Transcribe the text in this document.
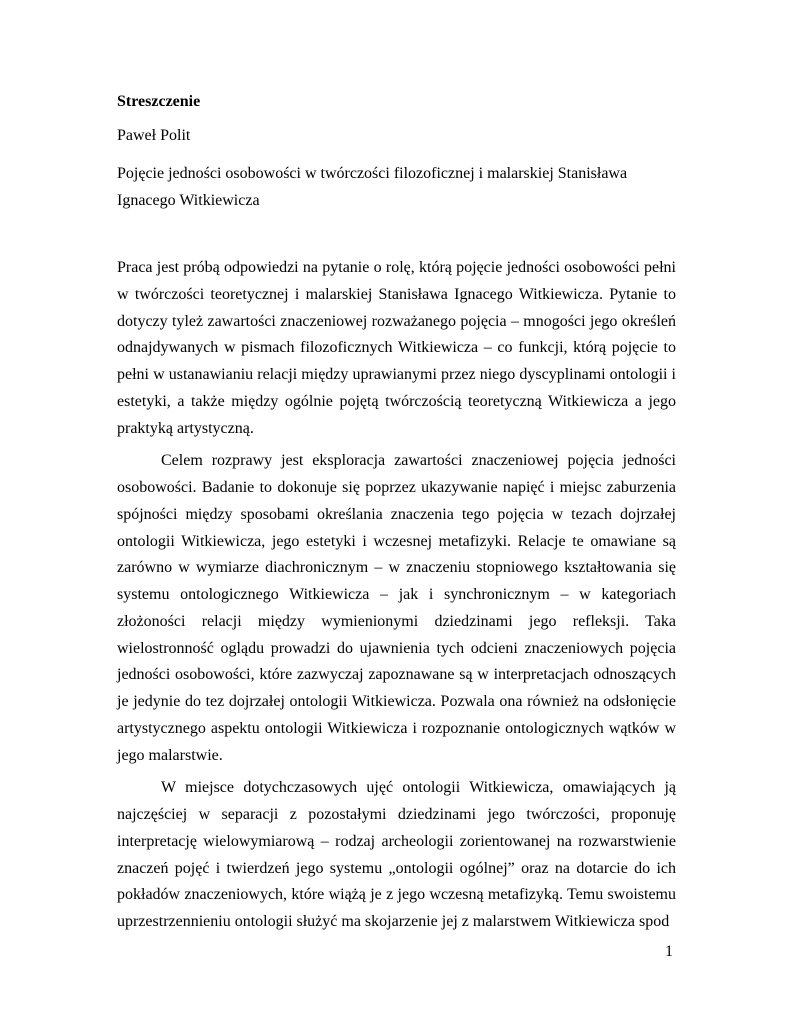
Streszczenie
Paweł Polit
Pojęcie jedności osobowości w twórczości filozoficznej i malarskiej Stanisława Ignacego Witkiewicza

Praca jest próbą odpowiedzi na pytanie o rolę, którą pojęcie jedności osobowości pełni w twórczości teoretycznej i malarskiej Stanisława Ignacego Witkiewicza. Pytanie to dotyczy tyleż zawartości znaczeniowej rozważanego pojęcia – mnogości jego określeń odnajdywanych w pismach filozoficznych Witkiewicza – co funkcji, którą pojęcie to pełni w ustanawianiu relacji między uprawianymi przez niego dyscyplinami ontologii i estetyki, a także między ogólnie pojętą twórczością teoretyczną Witkiewicza a jego praktyką artystyczną.

Celem rozprawy jest eksploracja zawartości znaczeniowej pojęcia jedności osobowości. Badanie to dokonuje się poprzez ukazywanie napięć i miejsc zaburzenia spójności między sposobami określania znaczenia tego pojęcia w tezach dojrzałej ontologii Witkiewicza, jego estetyki i wczesnej metafizyki. Relacje te omawiane są zarówno w wymiarze diachronicznym – w znaczeniu stopniowego kształtowania się systemu ontologicznego Witkiewicza – jak i synchronicznym – w kategoriach złożoności relacji między wymienionymi dziedzinami jego refleksji. Taka wielostronność oglądu prowadzi do ujawnienia tych odcieni znaczeniowych pojęcia jedności osobowości, które zazwyczaj zapoznawane są w interpretacjach odnoszących je jedynie do tez dojrzałej ontologii Witkiewicza. Pozwala ona również na odsłonięcie artystycznego aspektu ontologii Witkiewicza i rozpoznanie ontologicznych wątków w jego malarstwie.

W miejsce dotychczasowych ujęć ontologii Witkiewicza, omawiających ją najczęściej w separacji z pozostałymi dziedzinami jego twórczości, proponuję interpretację wielowymiarową – rodzaj archeologii zorientowanej na rozwarstwienie znaczeń pojęć i twierdzeń jego systemu „ontologii ogólnej” oraz na dotarcie do ich pokładów znaczeniowych, które wiążą je z jego wczesną metafizyką. Temu swoistemu uprzestrzennieniu ontologii służyć ma skojarzenie jej z malarstwem Witkiewicza spod

1
